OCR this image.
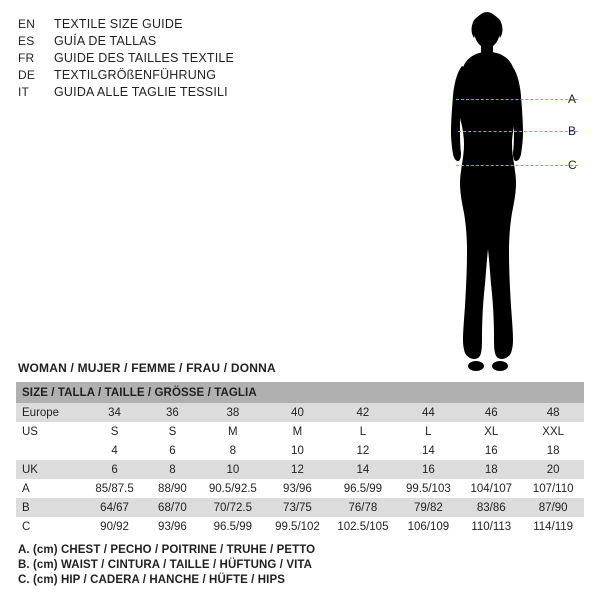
EN	TEXTILE SIZE GUIDE
ES	GUÍA DE TALLAS
FR	GUIDE DES TAILLES TEXTILE
DE	TEXTILGRÖßENFÜHRUNG
IT	GUIDA ALLE TAGLIE TESSILI	A
B
C
WOMAN / MUJER / FEMME / FRAU / DONNA
SIZE / TALLA / TAILLE / GRÖSSE / TAGLIA								
Europe	34	36	38	40	42	44	46	48
US	S	S	M	M	L	L	XL	XXL
	4	6	8	10	12	14	16	18
UK	6	8	10	12	14	16	18	20
A	85/87.5	88/90	90.5/92.5	93/96	96.5/99	99.5/103	104/107	107/110
B	64/67	68/70	70/72.5	73/75	76/78	79/82	83/86	87/90
C	90/92	93/96	96.5/99	99.5/102	102.5/105	106/109	110/113	114/119
A. (cm) CHEST / PECHO / POITRINE / TRUHE / PETTO
B. (cm) WAIST / CINTURA / TAILLE / HÜFTUNG / VITA
C. (cm) HIP / CADERA / HANCHE / HÜFTE / HIPS
